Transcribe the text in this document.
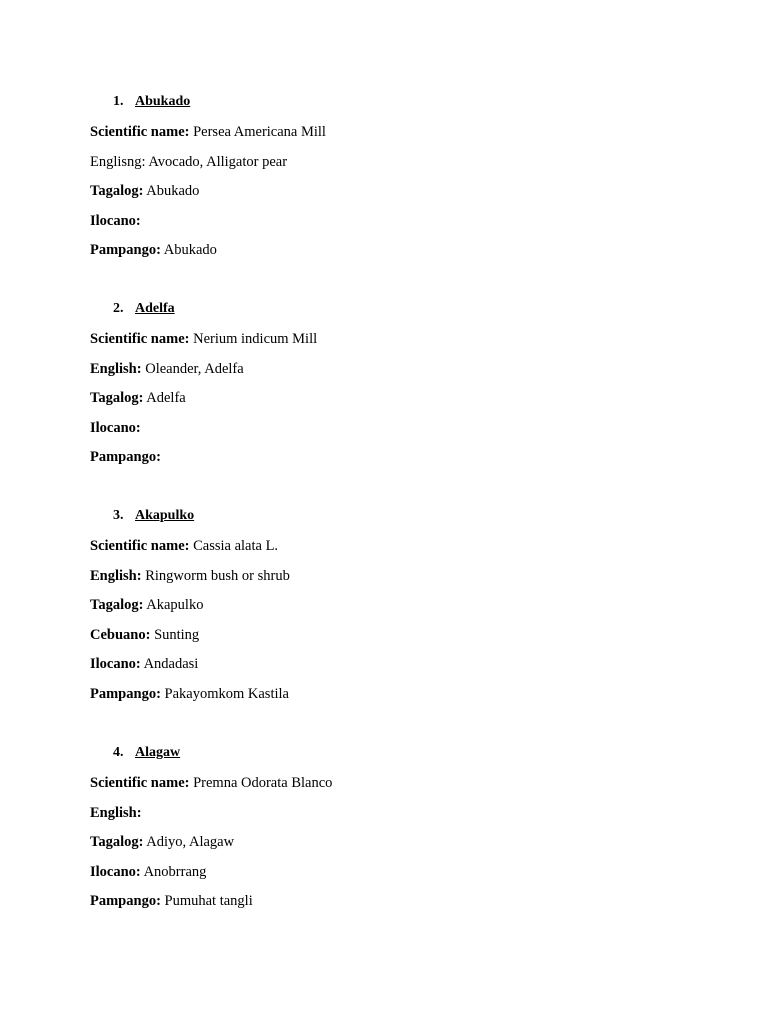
1. Abukado
Scientific name: Persea Americana Mill
Englisng: Avocado, Alligator pear
Tagalog: Abukado
Ilocano:
Pampango: Abukado
2. Adelfa
Scientific name: Nerium indicum Mill
English: Oleander, Adelfa
Tagalog: Adelfa
Ilocano:
Pampango:
3. Akapulko
Scientific name: Cassia alata L.
English: Ringworm bush or shrub
Tagalog: Akapulko
Cebuano: Sunting
Ilocano: Andadasi
Pampango: Pakayomkom Kastila
4. Alagaw
Scientific name: Premna Odorata Blanco
English:
Tagalog: Adiyo, Alagaw
Ilocano: Anobrrang
Pampango: Pumuhat tangli
